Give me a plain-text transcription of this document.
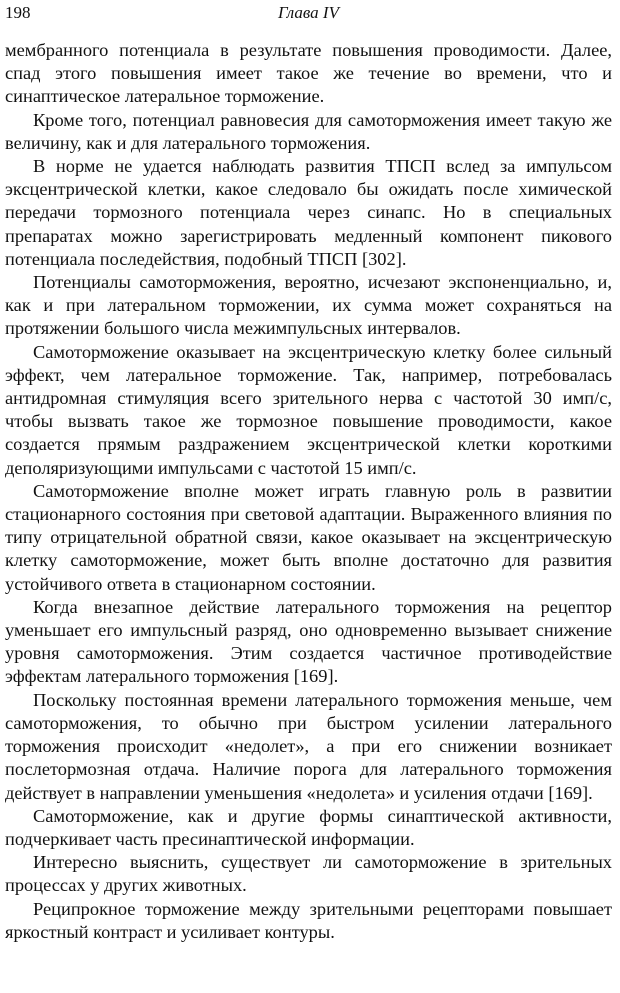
198	Глава IV

мембранного потенциала в результате повышения проводимости. Далее, спад этого повышения имеет такое же течение во времени, что и синаптическое латеральное торможение.

Кроме того, потенциал равновесия для самоторможения имеет такую же величину, как и для латерального торможения.

В норме не удается наблюдать развития ТПСП вслед за импульсом эксцентрической клетки, какое следовало бы ожидать после химической передачи тормозного потенциала через синапс. Но в специальных препаратах можно зарегистрировать медленный компонент пикового потенциала последействия, подобный ТПСП [302].

Потенциалы самоторможения, вероятно, исчезают экспоненциально, и, как и при латеральном торможении, их сумма может сохраняться на протяжении большого числа межимпульсных интервалов.

Самоторможение оказывает на эксцентрическую клетку более сильный эффект, чем латеральное торможение. Так, например, потребовалась антидромная стимуляция всего зрительного нерва с частотой 30 имп/с, чтобы вызвать такое же тормозное повышение проводимости, какое создается прямым раздражением эксцентрической клетки короткими деполяризующими импульсами с частотой 15 имп/с.

Самоторможение вполне может играть главную роль в развитии стационарного состояния при световой адаптации. Выраженного влияния по типу отрицательной обратной связи, какое оказывает на эксцентрическую клетку самоторможение, может быть вполне достаточно для развития устойчивого ответа в стационарном состоянии.

Когда внезапное действие латерального торможения на рецептор уменьшает его импульсный разряд, оно одновременно вызывает снижение уровня самоторможения. Этим создается частичное противодействие эффектам латерального торможения [169].

Поскольку постоянная времени латерального торможения меньше, чем самоторможения, то обычно при быстром усилении латерального торможения происходит «недолет», а при его снижении возникает послетормозная отдача. Наличие порога для латерального торможения действует в направлении уменьшения «недолета» и усиления отдачи [169].

Самоторможение, как и другие формы синаптической активности, подчеркивает часть пресинаптической информации.

Интересно выяснить, существует ли самоторможение в зрительных процессах у других животных.

Реципрокное торможение между зрительными рецепторами повышает яркостный контраст и усиливает контуры.
